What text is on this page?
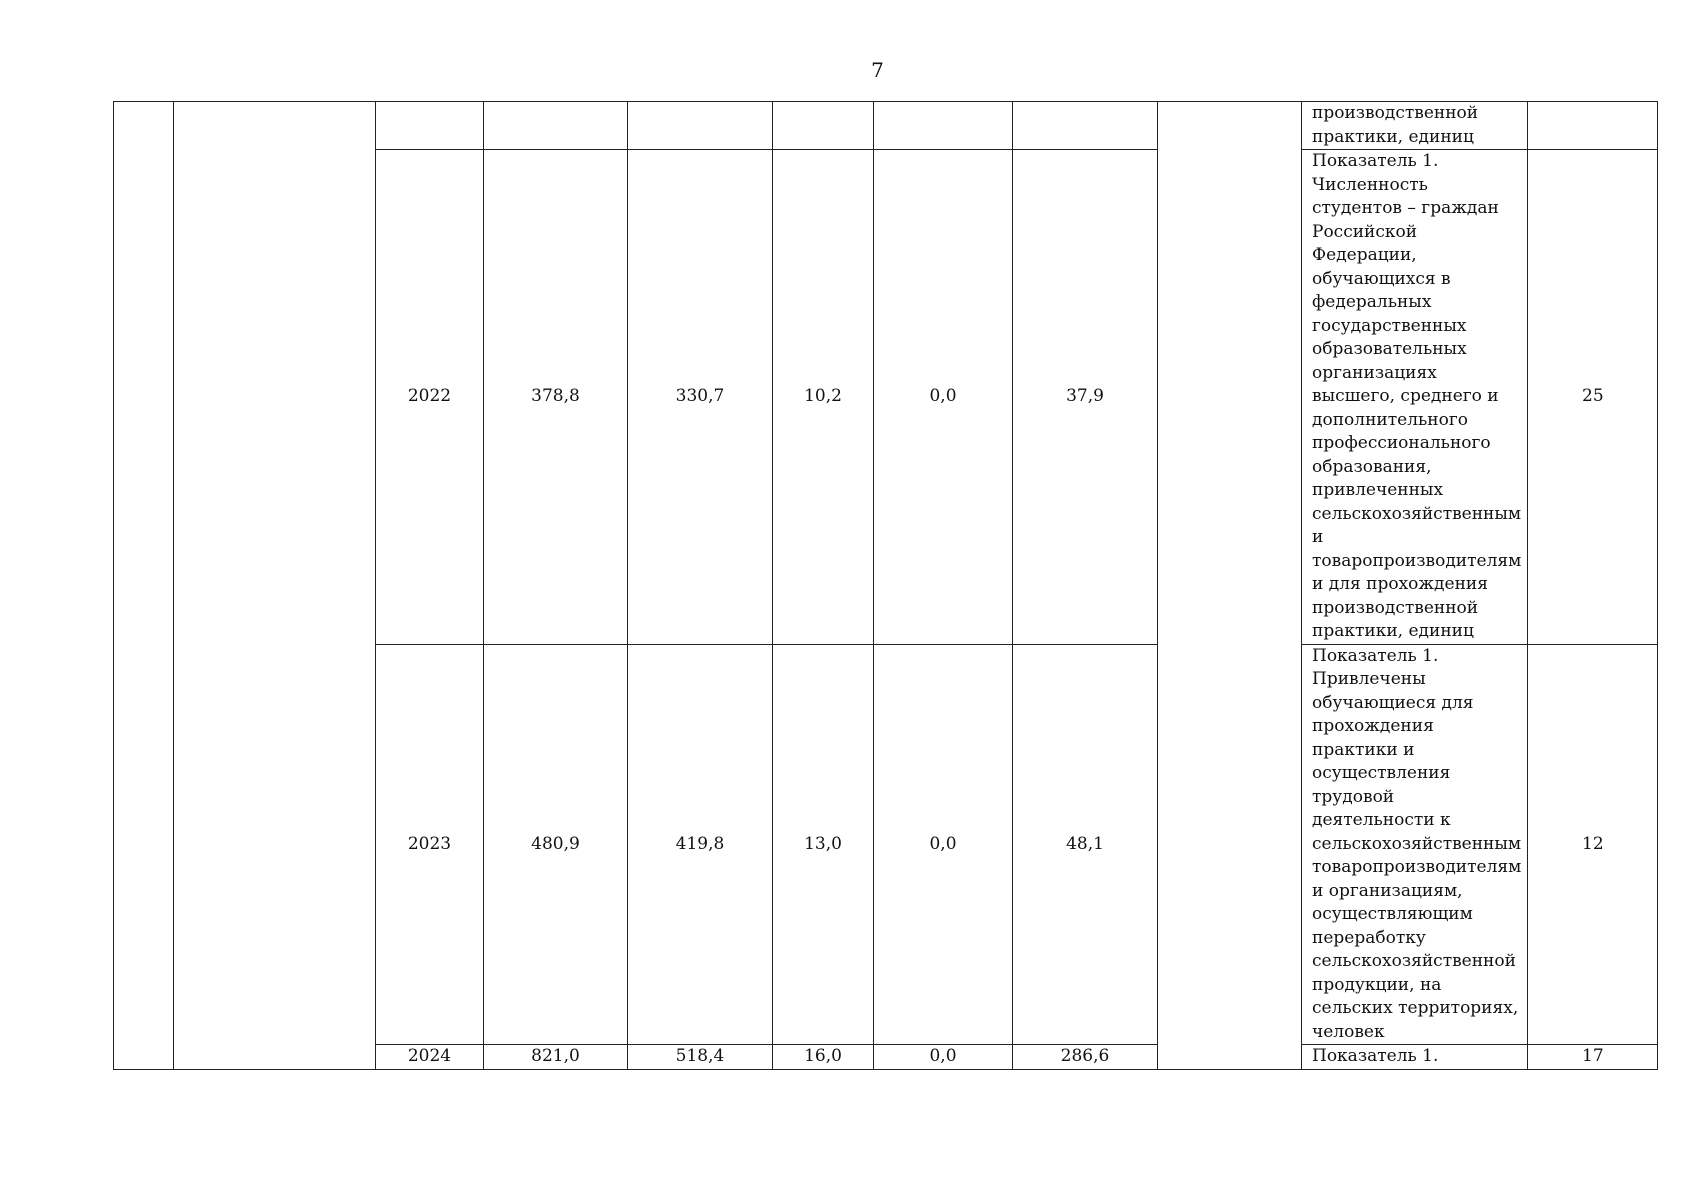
7
									производственной практики, единиц	
		2022	378,8	330,7	10,2	0,0	37,9		Показатель 1. Численность студентов – граждан Российской Федерации, обучающихся в федеральных государственных образовательных организациях высшего, среднего и дополнительного профессионального образования, привлеченных сельскохозяйственным и товаропроизводителям и для прохождения производственной практики, единиц	25
		2023	480,9	419,8	13,0	0,0	48,1		Показатель 1. Привлечены обучающиеся для прохождения практики и осуществления трудовой деятельности к сельскохозяйственным товаропроизводителям и организациям, осуществляющим переработку сельскохозяйственной продукции, на сельских территориях, человек	12
		2024	821,0	518,4	16,0	0,0	286,6		Показатель 1.	17
